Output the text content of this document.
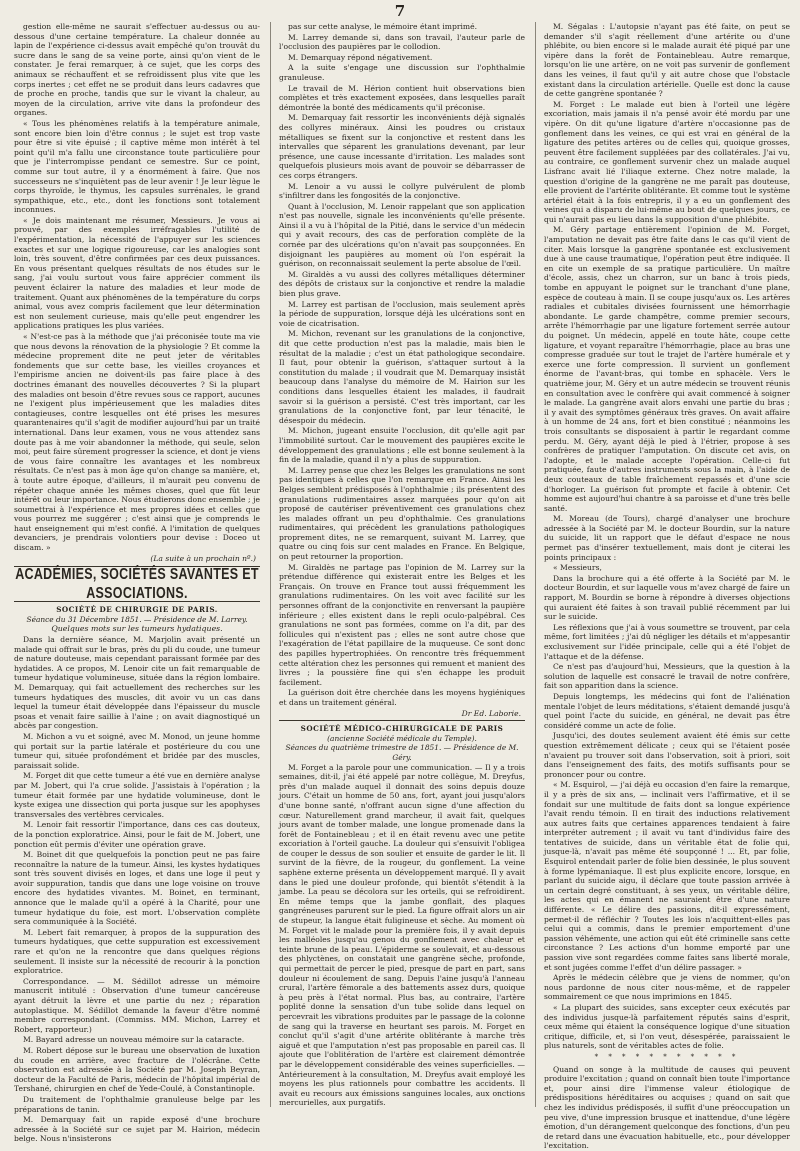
7

gestion elle-même ne saurait s'effectuer au-dessus ou au-dessous d'une certaine température. La chaleur donnée au lapin de l'expérience ci-dessus avait empêché qu'on trouvât du sucre dans le sang de sa veine porte, ainsi qu'on vient de le constater. Je ferai remarquer, à ce sujet, que les corps des animaux se réchauffent et se refroidissent plus vite que les corps inertes ; cet effet ne se produit dans leurs cadavres que de proche en proche, tandis que sur le vivant la chaleur, au moyen de la circulation, arrive vite dans la profondeur des organes.

« Tous les phénomènes relatifs à la température animale, sont encore bien loin d'être connus ; le sujet est trop vaste pour être si vite épuisé ; il captive même mon intérêt à tel point qu'il m'a fallu une circonstance toute particulière pour que je l'interrompisse pendant ce semestre. Sur ce point, comme sur tout autre, il y a énormément à faire. Que nos successeurs ne s'inquiètent pas de leur avenir ! Je leur lègue le corps thyroïde, le thymus, les capsules surrénales, le grand sympathique, etc., etc., dont les fonctions sont totalement inconnues.

« Je dois maintenant me résumer, Messieurs. Je vous ai prouvé, par des exemples irréfragables l'utilité de l'expérimentation, la nécessité de l'appuyer sur les sciences exactes et sur une logique rigoureuse, car les analogies sont loin, très souvent, d'être confirmées par ces deux puissances. En vous présentant quelques résultats de nos études sur le sang, j'ai voulu surtout vous faire apprécier comment ils peuvent éclairer la nature des maladies et leur mode de traitement. Quant aux phénomènes de la température du corps animal, vous avez compris facilement que leur détermination est non seulement curieuse, mais qu'elle peut engendrer les applications pratiques les plus variées.

« N'est-ce pas à la méthode que j'ai préconisée toute ma vie que nous devons la rénovation de la physiologie ? Et comme la médecine proprement dite ne peut jeter de véritables fondements que sur cette base, les vieilles croyances et l'empirisme ancien ne doivent-ils pas faire place à des doctrines émanant des nouvelles découvertes ? Si la plupart des maladies ont besoin d'être revues sous ce rapport, aucunes ne l'exigent plus impérieusement que les maladies dites contagieuses, contre lesquelles ont été prises les mesures quarantenaires qu'il s'agit de modifier aujourd'hui par un traité international. Dans leur examen, vous ne vous attendez sans doute pas à me voir abandonner la méthode, qui seule, selon moi, peut faire sûrement progresser la science, et dont je viens de vous faire connaître les avantages et les nombreux résultats. Ce n'est pas à mon âge qu'on change sa manière, et, à toute autre époque, d'ailleurs, il m'aurait peu convenu de répéter chaque année les mêmes choses, quel que fût leur intérêt ou leur importance. Nous étudierons donc ensemble ; je soumettrai à l'expérience et mes propres idées et celles que vous pourrez me suggérer ; c'est ainsi que je comprends le haut enseignement qui m'est confié. A l'imitation de quelques devanciers, je prendrais volontiers pour devise : Doceo ut discam. »

(La suite à un prochain nº.)
ACADÉMIES, SOCIÉTÉS SAVANTES ET ASSOCIATIONS.
SOCIÉTÉ DE CHIRURGIE DE PARIS.
Séance du 31 Décembre 1851. — Présidence de M. Larrey.
Quelques mots sur les tumeurs hydatiques.

Dans la dernière séance, M. Marjolin avait présenté un malade qui offrait sur le bras, près du pli du coude, une tumeur de nature douteuse, mais cependant paraissant formée par des hydatides. A ce propos, M. Lenoir cite un fait remarquable de tumeur hydatique volumineuse, située dans la région lombaire. M. Demarquay, qui fait actuellement des recherches sur les tumeurs hydatiques des muscles, dit avoir vu un cas dans lequel la tumeur était développée dans l'épaisseur du muscle psoas et venait faire saillie à l'aine ; on avait diagnostiqué un abcès par congestion.

M. Michon a vu et soigné, avec M. Monod, un jeune homme qui portait sur la partie latérale et postérieure du cou une tumeur qui, située profondément et bridée par des muscles, paraissait solide.

M. Forget dit que cette tumeur a été vue en dernière analyse par M. Jobert, qui l'a crue solide. J'assistais à l'opération ; la tumeur était formée par une hydatide volumineuse, dont le kyste exigea une dissection qui porta jusque sur les apophyses transversales des vertèbres cervicales.

M. Lenoir fait ressortir l'importance, dans ces cas douteux, de la ponction exploratrice. Ainsi, pour le fait de M. Jobert, une ponction eût permis d'éviter une opération grave.

M. Boinet dit que quelquefois la ponction peut ne pas faire reconnaître la nature de la tumeur. Ainsi, les kystes hydatiques sont très souvent divisés en loges, et dans une loge il peut y avoir suppuration, tandis que dans une loge voisine on trouve encore des hydatides vivantes. M. Boinet, en terminant, annonce que le malade qu'il a opéré à la Charité, pour une tumeur hydatique du foie, est mort. L'observation complète sera communiquée à la Société.

M. Lebert fait remarquer, à propos de la suppuration des tumeurs hydatiques, que cette suppuration est excessivement rare et qu'on ne la rencontre que dans quelques régions seulement. Il insiste sur la nécessité de recourir à la ponction exploratrice.

Correspondance. — M. Sédillot adresse un mémoire manuscrit intitulé : Observation d'une tumeur cancéreuse ayant détruit la lèvre et une partie du nez ; réparation autoplastique. M. Sédillot demande la faveur d'être nommé membre correspondant. (Commiss. MM. Michon, Larrey et Robert, rapporteur.)

M. Bayard adresse un nouveau mémoire sur la cataracte.

M. Robert dépose sur le bureau une observation de luxation du coude en arrière, avec fracture de l'olécrâne. Cette observation est adressée à la Société par M. Joseph Beyran, docteur de la Faculté de Paris, médecin de l'hôpital impérial de Tershané, chirurgien en chef de Yede-Coulé, à Constantinople.

Du traitement de l'ophthalmie granuleuse belge par les préparations de tanin.

M. Demarquay fait un rapide exposé d'une brochure adressée à la Société sur ce sujet par M. Hairion, médecin belge. Nous n'insisterons

pas sur cette analyse, le mémoire étant imprimé.

M. Larrey demande si, dans son travail, l'auteur parle de l'occlusion des paupières par le collodion.

M. Demarquay répond négativement.

A la suite s'engage une discussion sur l'ophthalmie granuleuse.

Le travail de M. Hérion contient huit observations bien complètes et très exactement exposées, dans lesquelles paraît démontrée la bonté des médicaments qu'il préconise.

M. Demarquay fait ressortir les inconvénients déjà signalés des collyres minéraux. Ainsi les poudres ou cristaux métalliques se fixent sur la conjonctive et restent dans les intervalles que séparent les granulations devenant, par leur présence, une cause incessante d'irritation. Les malades sont quelquefois plusieurs mois avant de pouvoir se débarrasser de ces corps étrangers.

M. Lenoir a vu aussi le collyre pulvérulent de plomb s'infiltrer dans les fongosités de la conjonctive.

Quant à l'occlusion, M. Lenoir rappelant que son application n'est pas nouvelle, signale les inconvénients qu'elle présente. Ainsi il a vu à l'hôpital de la Pitié, dans le service d'un médecin qui y avait recours, des cas de perforation complète de la cornée par des ulcérations qu'on n'avait pas soupçonnées. En disjoignant les paupières au moment où l'on espérait la guérison, on reconnaissait seulement la perte absolue de l'œil.

M. Giraldès a vu aussi des collyres métalliques déterminer des dépôts de cristaux sur la conjonctive et rendre la maladie bien plus grave.

M. Larrey est partisan de l'occlusion, mais seulement après la période de suppuration, lorsque déjà les ulcérations sont en voie de cicatrisation.

M. Michon, revenant sur les granulations de la conjonctive, dit que cette production n'est pas la maladie, mais bien le résultat de la maladie ; c'est un état pathologique secondaire. Il faut, pour obtenir la guérison, s'attaquer surtout à la constitution du malade ; il voudrait que M. Demarquay insistât beaucoup dans l'analyse du mémoire de M. Hairion sur les conditions dans lesquelles étaient les malades, il faudrait savoir si la guérison a persisté. C'est très important, car les granulations de la conjonctive font, par leur ténacité, le désespoir du médecin.

M. Michon, jugeant ensuite l'occlusion, dit qu'elle agit par l'immobilité surtout. Car le mouvement des paupières excite le développement des granulations ; elle est bonne seulement à la fin de la maladie, quand il n'y a plus de suppuration.

M. Larrey pense que chez les Belges les granulations ne sont pas identiques à celles que l'on remarque en France. Ainsi les Belges semblent prédisposés à l'ophthalmie ; ils présentent des granulations rudimentaires assez marquées pour qu'on ait proposé de cautériser préventivement ces granulations chez les malades offrant un peu d'ophthalmie. Ces granulations rudimentaires, qui précèdent les granulations pathologiques proprement dites, ne se remarquent, suivant M. Larrey, que quatre ou cinq fois sur cent malades en France. En Belgique, on peut retourner la proportion.

M. Giraldès ne partage pas l'opinion de M. Larrey sur la prétendue différence qui existerait entre les Belges et les Français. On trouve en France tout aussi fréquemment les granulations rudimentaires. On les voit avec facilité sur les personnes offrant de la conjonctivite en renversant la paupière inférieure ; elles existent dans le repli oculo-palpébral. Ces granulations ne sont pas formées, comme on l'a dit, par des follicules qui n'existent pas ; elles ne sont autre chose que l'exagération de l'état papillaire de la muqueuse. Ce sont donc des papilles hypertrophiées. On rencontre très fréquemment cette altération chez les personnes qui remuent et manient des livres ; la poussière fine qui s'en échappe les produit facilement.

La guérison doit être cherchée dans les moyens hygiéniques et dans un traitement général.

Dr Ed. Laborie.
SOCIÉTÉ MÉDICO-CHIRURGICALE DE PARIS
(ancienne Société médicale du Temple).
Séances du quatrième trimestre de 1851. — Présidence de M. Géry.

M. Forget a la parole pour une communication. — Il y a trois semaines, dit-il, j'ai été appelé par notre collègue, M. Dreyfus, près d'un malade auquel il donnait des soins depuis douze jours. C'était un homme de 50 ans, fort, ayant joui jusqu'alors d'une bonne santé, n'offrant aucun signe d'une affection du cœur. Naturellement grand marcheur, il avait fait, quelques jours avant de tomber malade, une longue promenade dans la forêt de Fontainebleau ; et il en était revenu avec une petite excoriation à l'orteil gauche. La douleur qui s'ensuivit l'obligea de couper le dessus de son soulier et ensuite de garder le lit. Il survint de la fièvre, de la rougeur, du gonflement. La veine saphène externe présenta un développement marqué. Il y avait dans le pied une douleur profonde, qui bientôt s'étendit à la jambe. La peau se décolora sur les orteils, qui se refroidirent. En même temps que la jambe gonflait, des plaques gangréneuses parurent sur le pied. La figure offrait alors un air de stupeur, la langue était fuligineuse et sèche. Au moment où M. Forget vit le malade pour la première fois, il y avait depuis les malléoles jusqu'au genou du gonflement avec chaleur et teinte brune de la peau. L'épiderme se soulevait, et au-dessous des phlyctènes, on constatait une gangrène sèche, profonde, qui permettait de percer le pied, presque de part en part, sans douleur ni écoulement de sang. Depuis l'aine jusqu'à l'anneau crural, l'artère fémorale a des battements assez durs, quoique à peu près à l'état normal. Plus bas, au contraire, l'artère poplité donne la sensation d'un tube solide dans lequel on percevrait les vibrations produites par le passage de la colonne de sang qui la traverse en heurtant ses parois. M. Forget en conclut qu'il s'agit d'une artérite oblitérante à marche très aiguë et que l'amputation n'est pas proposable en pareil cas. Il ajoute que l'oblitération de l'artère est clairement démontrée par le développement considérable des veines superficielles. — Antérieurement à la consultation, M. Dreyfus avait employé les moyens les plus rationnels pour combattre les accidents. Il avait eu recours aux émissions sanguines locales, aux onctions mercurielles, aux purgatifs.

M. Ségalas : L'autopsie n'ayant pas été faite, on peut se demander s'il s'agit réellement d'une artérite ou d'une phlébite, ou bien encore si le malade aurait été piqué par une vipère dans la forêt de Fontainebleau. Autre remarque, lorsqu'on lie une artère, on ne voit pas survenir de gonflement dans les veines, il faut qu'il y ait autre chose que l'obstacle existant dans la circulation artérielle. Quelle est donc la cause de cette gangrène spontanée ?

M. Forget : Le malade eut bien à l'orteil une légère excoriation, mais jamais il n'a pensé avoir été mordu par une vipère. On dit qu'une ligature d'artère n'occasionne pas de gonflement dans les veines, ce qui est vrai en général de la ligature des petites artères ou de celles qui, quoique grosses, peuvent être facilement suppléées par des collatérales. J'ai vu, au contraire, ce gonflement survenir chez un malade auquel Lisfranc avait lié l'iliaque externe. Chez notre malade, la question d'origine de la gangrène ne me paraît pas douteuse, elle provient de l'artérite oblitérante. Et comme tout le système artériel était à la fois entrepris, il y a eu un gonflement des veines qui a disparu de lui-même au bout de quelques jours, ce qui n'aurait pas eu lieu dans la supposition d'une phlébite.

M. Géry partage entièrement l'opinion de M. Forget, l'amputation ne devait pas être faite dans le cas qu'il vient de citer. Mais lorsque la gangrène spontanée est exclusivement due à une cause traumatique, l'opération peut être indiquée. Il en cite un exemple de sa pratique particulière. Un maître d'école, assis, chez un charron, sur un banc à trois pieds, tombe en appuyant le poignet sur le tranchant d'une plane, espèce de couteau à main. Il se coupe jusqu'aux os. Les artères radiales et cubitales divisées fournissent une hémorrhagie abondante. Le garde champêtre, comme premier secours, arrête l'hémorrhagie par une ligature fortement serrée autour du poignet. Un médecin, appelé en toute hâte, coupe cette ligature, et voyant reparaître l'hémorrhagie, place au bras une compresse graduée sur tout le trajet de l'artère humérale et y exerce une forte compression. Il survient un gonflement énorme de l'avant-bras, qui tombe en sphacèle. Vers le quatrième jour, M. Géry et un autre médecin se trouvent réunis en consultation avec le confrère qui avait commencé à soigner le malade. La gangrène avait alors envahi une partie du bras ; il y avait des symptômes généraux très graves. On avait affaire à un homme de 24 ans, fort et bien constitué ; néanmoins les trois consultants se disposaient à partir le regardant comme perdu. M. Géry, ayant déjà le pied à l'étrier, propose à ses confrères de pratiquer l'amputation. On discute cet avis, on l'adopte, et le malade accepte l'opération. Celle-ci fut pratiquée, faute d'autres instruments sous la main, à l'aide de deux couteaux de table fraîchement repassés et d'une scie d'horloger. La guérison fut prompte et facile à obtenir. Cet homme est aujourd'hui chantre à sa paroisse et d'une très belle santé.

M. Moreau (de Tours), chargé d'analyser une brochure adressée à la Société par M. le docteur Bourdin, sur la nature du suicide, lit un rapport que le défaut d'espace ne nous permet pas d'insérer textuellement, mais dont je citerai les points principaux :

« Messieurs,

Dans la brochure qui a été offerte à la Société par M. le docteur Bourdin, et sur laquelle vous m'avez chargé de faire un rapport, M. Bourdin se borne à répondre à diverses objections qui auraient été faites à son travail publié récemment par lui sur le suicide.

Les réflexions que j'ai à vous soumettre se trouvent, par cela même, fort limitées ; j'ai dû négliger les détails et m'appesantir exclusivement sur l'idée principale, celle qui a été l'objet de l'attaque et de la défense.

Ce n'est pas d'aujourd'hui, Messieurs, que la question à la solution de laquelle est consacré le travail de notre confrère, fait son apparition dans la science.

Depuis longtemps, les médecins qui font de l'aliénation mentale l'objet de leurs méditations, s'étaient demandé jusqu'à quel point l'acte du suicide, en général, ne devait pas être considéré comme un acte de folie.

Jusqu'ici, des doutes seulement avaient été émis sur cette question extrêmement délicate ; ceux qui se l'étaient posée n'avaient pu trouver soit dans l'observation, soit à priori, soit dans l'enseignement des faits, des motifs suffisants pour se prononcer pour ou contre.

« M. Esquirol, — j'ai déjà eu occasion d'en faire la remarque, il y a près de six ans, — inclinait vers l'affirmative, et il se fondait sur une multitude de faits dont sa longue expérience l'avait rendu témoin. Il en tirait des inductions relativement aux autres faits que certaines apparences tendaient à faire interpréter autrement ; il avait vu tant d'individus faire des tentatives de suicide, dans un véritable état de folie qui, jusque-là, n'avait pas même été soupçonné ! ... Et, par folie, Esquirol entendait parler de folie bien dessinée, le plus souvent à forme lypémaniaque. Il est plus explicite encore, lorsque, en parlant du suicide aigu, il déclare que toute passion arrivée à un certain degré constituant, à ses yeux, un véritable délire, les actes qui en émanent ne sauraient être d'une nature différente. « Le délire des passions, dit-il expressément, permet-il de réfléchir ? Toutes les lois n'acquittent-elles pas celui qui a commis, dans le premier emportement d'une passion véhémente, une action qui eût été criminelle sans cette circonstance ? Les actions d'un homme emporté par une passion vive sont regardées comme faites sans liberté morale, et sont jugées comme l'effet d'un délire passager. »

Après le médecin célèbre que je viens de nommer, qu'on nous pardonne de nous citer nous-même, et de rappeler sommairement ce que nous imprimions en 1845.

« La plupart des suicides, sans excepter ceux exécutés par des individus jusque-là parfaitement réputés sains d'esprit, ceux même qui étaient la conséquence logique d'une situation critique, difficile, et, si l'on veut, désespérée, paraissaient le plus naturels, sont de véritables actes de folie.

* * * * * * * * * * *

Quand on songe à la multitude de causes qui peuvent produire l'excitation ; quand on connaît bien toute l'importance et, pour ainsi dire l'immense valeur étiologique de prédispositions héréditaires ou acquises ; quand on sait que chez les individus prédisposés, il suffit d'une préoccupation un peu vive, d'une impression brusque et inattendue, d'une légère émotion, d'un dérangement quelconque des fonctions, d'un peu de retard dans une évacuation habituelle, etc., pour développer l'excitation.
